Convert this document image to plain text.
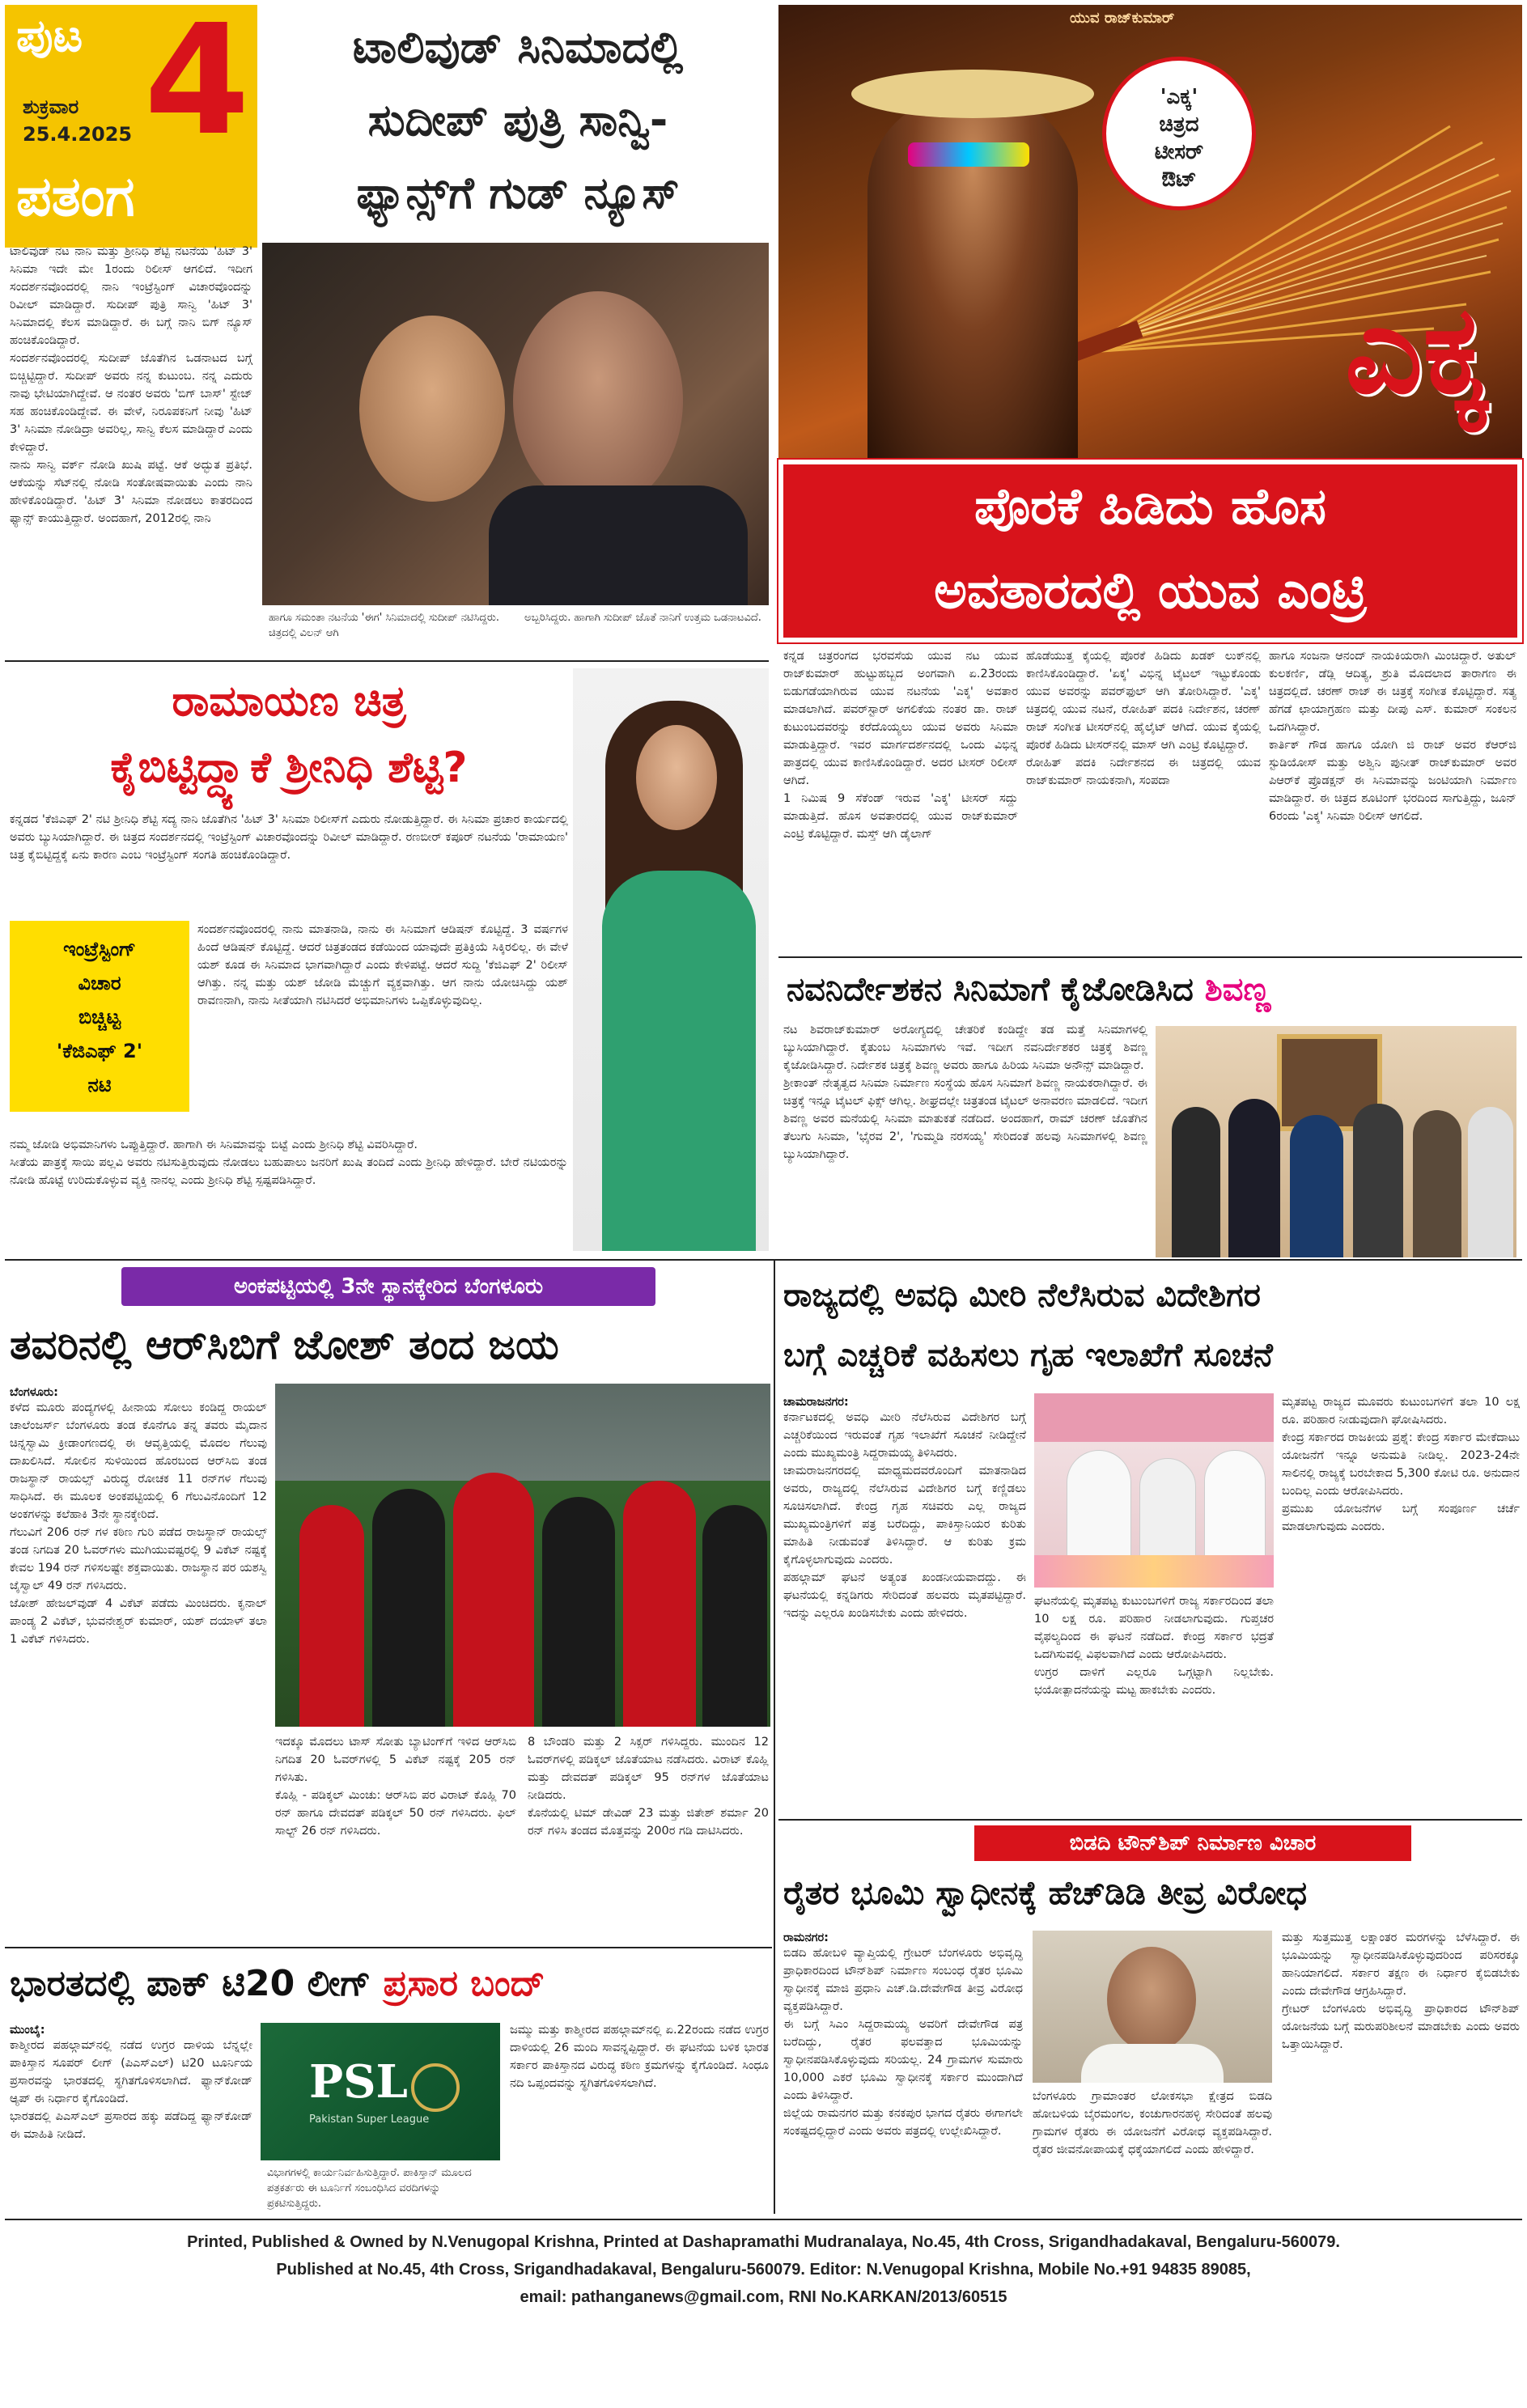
ಪುಟ
ಶುಕ್ರವಾರ
25.4.2025 4
ಪತಂಗ
ಟಾಲಿವುಡ್ ಸಿನಿಮಾದಲ್ಲಿ
ಸುದೀಪ್ ಪುತ್ರಿ ಸಾನ್ವಿ-
ಫ್ಯಾನ್ಸ್‌ಗೆ ಗುಡ್ ನ್ಯೂಸ್
ಯುವ ರಾಜ್‌ಕುಮಾರ್
'ಎಕ್ಕ'
ಚಿತ್ರದ
ಟೀಸರ್
ಔಟ್
ಎಕ್ಕ
ಪೊರಕೆ ಹಿಡಿದು ಹೊಸ
ಅವತಾರದಲ್ಲಿ ಯುವ ಎಂಟ್ರಿ
ಟಾಲಿವುಡ್ ನಟ ನಾನಿ ಮತ್ತು ಶ್ರೀನಿಧಿ ಶೆಟ್ಟಿ ನಟನೆಯ 'ಹಿಟ್ 3' ಸಿನಿಮಾ ಇದೇ ಮೇ 1ರಂದು ರಿಲೀಸ್ ಆಗಲಿದೆ. ಇದೀಗ ಸಂದರ್ಶನವೊಂದರಲ್ಲಿ ನಾನಿ ಇಂಟ್ರೆಸ್ಟಿಂಗ್ ವಿಚಾರವೊಂದನ್ನು ರಿವೀಲ್ ಮಾಡಿದ್ದಾರೆ. ಸುದೀಪ್ ಪುತ್ರಿ ಸಾನ್ವಿ 'ಹಿಟ್ 3' ಸಿನಿಮಾದಲ್ಲಿ ಕೆಲಸ ಮಾಡಿದ್ದಾರೆ. ಈ ಬಗ್ಗೆ ನಾನಿ ಬಿಗ್ ನ್ಯೂಸ್ ಹಂಚಿಕೊಂಡಿದ್ದಾರೆ.
ಸಂದರ್ಶನವೊಂದರಲ್ಲಿ ಸುದೀಪ್ ಜೊತೆಗಿನ ಒಡನಾಟದ ಬಗ್ಗೆ ಬಿಚ್ಚಿಟ್ಟಿದ್ದಾರೆ. ಸುದೀಪ್ ಅವರು ನನ್ನ ಕುಟುಂಬ. ನನ್ನ ಎದುರು ನಾವು ಭೇಟಿಯಾಗಿದ್ದೇವೆ. ಆ ನಂತರ ಅವರು 'ಬಿಗ್ ಬಾಸ್' ಸ್ಟೇಜ್ ಸಹ ಹಂಚಿಕೊಂಡಿದ್ದೇವೆ. ಈ ವೇಳೆ, ನಿರೂಪಕನಿಗೆ ನೀವು 'ಹಿಟ್ 3' ಸಿನಿಮಾ ನೋಡಿದ್ರಾ ಅವರಿಲ್ಲ, ಸಾನ್ವಿ ಕೆಲಸ ಮಾಡಿದ್ದಾರೆ ಎಂದು ಕೇಳಿದ್ದಾರೆ.
ನಾನು ಸಾನ್ವಿ ವರ್ಕ್ ನೋಡಿ ಖುಷಿ ಪಟ್ಟೆ. ಆಕೆ ಅದ್ಭುತ ಪ್ರತಿಭೆ. ಆಕೆಯನ್ನು ಸೆಟ್‌ನಲ್ಲಿ ನೋಡಿ ಸಂತೋಷವಾಯಿತು ಎಂದು ನಾನಿ ಹೇಳಿಕೊಂಡಿದ್ದಾರೆ. 'ಹಿಟ್ 3' ಸಿನಿಮಾ ನೋಡಲು ಕಾತರದಿಂದ ಫ್ಯಾನ್ಸ್ ಕಾಯುತ್ತಿದ್ದಾರೆ. ಅಂದಹಾಗೆ, 2012ರಲ್ಲಿ ನಾನಿ
ಹಾಗೂ ಸಮಂತಾ ನಟನೆಯ 'ಈಗ' ಸಿನಿಮಾದಲ್ಲಿ ಸುದೀಪ್ ನಟಿಸಿದ್ದರು. ಚಿತ್ರದಲ್ಲಿ ವಿಲನ್ ಆಗಿ
ಅಬ್ಬರಿಸಿದ್ದರು. ಹಾಗಾಗಿ ಸುದೀಪ್ ಜೊತೆ ನಾನಿಗೆ ಉತ್ತಮ ಒಡನಾಟವಿದೆ.
ಕನ್ನಡ ಚಿತ್ರರಂಗದ ಭರವಸೆಯ ಯುವ ನಟ ಯುವ ರಾಜ್‌ಕುಮಾರ್ ಹುಟ್ಟುಹಬ್ಬದ ಅಂಗವಾಗಿ ಏ.23ರಂದು ಬಿಡುಗಡೆಯಾಗಿರುವ ಯುವ ನಟನೆಯ 'ಎಕ್ಕ' ಅವತಾರ ಮಾಡಲಾಗಿದೆ. ಪವರ್‌ಸ್ಟಾರ್ ಅಗಲಿಕೆಯ ನಂತರ ಡಾ. ರಾಜ್ ಕುಟುಂಬದವರನ್ನು ಕರೆದೊಯ್ಯಲು ಯುವ ಅವರು ಸಿನಿಮಾ ಮಾಡುತ್ತಿದ್ದಾರೆ. ಇವರ ಮಾರ್ಗದರ್ಶನದಲ್ಲಿ ಒಂದು ವಿಭಿನ್ನ ಪಾತ್ರದಲ್ಲಿ ಯುವ ಕಾಣಿಸಿಕೊಂಡಿದ್ದಾರೆ. ಅದರ ಟೀಸರ್ ರಿಲೀಸ್ ಆಗಿದೆ.
1 ನಿಮಿಷ 9 ಸೆಕೆಂಡ್ ಇರುವ 'ಎಕ್ಕ' ಟೀಸರ್ ಸದ್ದು ಮಾಡುತ್ತಿದೆ. ಹೊಸ ಅವತಾರದಲ್ಲಿ ಯುವ ರಾಜ್‌ಕುಮಾರ್ ಎಂಟ್ರಿ ಕೊಟ್ಟಿದ್ದಾರೆ. ಮಸ್ತ್ ಆಗಿ ಡೈಲಾಗ್
ಹೊಡೆಯುತ್ತ ಕೈಯಲ್ಲಿ ಪೊರಕೆ ಹಿಡಿದು ಖಡಕ್ ಲುಕ್‌ನಲ್ಲಿ ಕಾಣಿಸಿಕೊಂಡಿದ್ದಾರೆ. 'ಏಕ್ಕ' ವಿಭಿನ್ನ ಟೈಟಲ್ ಇಟ್ಟುಕೊಂಡು ಯುವ ಅವರನ್ನು ಪವರ್‌ಫುಲ್ ಆಗಿ ತೋರಿಸಿದ್ದಾರೆ. 'ಎಕ್ಕ' ಚಿತ್ರದಲ್ಲಿ ಯುವ ನಟನೆ, ರೋಹಿತ್ ಪದಕಿ ನಿರ್ದೇಶನ, ಚರಣ್ ರಾಜ್ ಸಂಗೀತ ಟೀಸರ್‌ನಲ್ಲಿ ಹೈಲೈಟ್ ಆಗಿದೆ. ಯುವ ಕೈಯಲ್ಲಿ ಪೊರಕೆ ಹಿಡಿದು ಟೀಸರ್‌ನಲ್ಲಿ ಮಾಸ್ ಆಗಿ ಎಂಟ್ರಿ ಕೊಟ್ಟಿದ್ದಾರೆ.
ರೋಹಿತ್ ಪದಕಿ ನಿರ್ದೇಶನದ ಈ ಚಿತ್ರದಲ್ಲಿ ಯುವ ರಾಜ್‌ಕುಮಾರ್ ನಾಯಕನಾಗಿ, ಸಂಪದಾ
ಹಾಗೂ ಸಂಜನಾ ಆನಂದ್ ನಾಯಕಿಯರಾಗಿ ಮಿಂಚಿದ್ದಾರೆ. ಅತುಲ್ ಕುಲಕರ್ಣಿ, ಡೆಡ್ಲಿ ಆದಿತ್ಯ, ಶ್ರುತಿ ಮೊದಲಾದ ತಾರಾಗಣ ಈ ಚಿತ್ರದಲ್ಲಿದೆ. ಚರಣ್ ರಾಜ್ ಈ ಚಿತ್ರಕ್ಕೆ ಸಂಗೀತ ಕೊಟ್ಟಿದ್ದಾರೆ. ಸತ್ಯ ಹೆಗಡೆ ಛಾಯಾಗ್ರಹಣ ಮತ್ತು ದೀಪು ಎಸ್. ಕುಮಾರ್ ಸಂಕಲನ ಒದಗಿಸಿದ್ದಾರೆ.
ಕಾರ್ತಿಕ್ ಗೌಡ ಹಾಗೂ ಯೋಗಿ ಜಿ ರಾಜ್ ಅವರ ಕೆಆರ್‌ಜಿ ಸ್ಟುಡಿಯೋಸ್ ಮತ್ತು ಅಶ್ವಿನಿ ಪುನೀತ್ ರಾಜ್‌ಕುಮಾರ್ ಅವರ ಪಿಆರ್‌ಕೆ ಪ್ರೊಡಕ್ಷನ್ ಈ ಸಿನಿಮಾವನ್ನು ಜಂಟಿಯಾಗಿ ನಿರ್ಮಾಣ ಮಾಡಿದ್ದಾರೆ. ಈ ಚಿತ್ರದ ಶೂಟಿಂಗ್ ಭರದಿಂದ ಸಾಗುತ್ತಿದ್ದು, ಜೂನ್ 6ರಂದು 'ಎಕ್ಕ' ಸಿನಿಮಾ ರಿಲೀಸ್ ಆಗಲಿದೆ.
ರಾಮಾಯಣ ಚಿತ್ರ
ಕೈಬಿಟ್ಟಿದ್ದ್ಯಾಕೆ ಶ್ರೀನಿಧಿ ಶೆಟ್ಟಿ?
ಕನ್ನಡದ 'ಕೆಜಿಎಫ್ 2' ನಟಿ ಶ್ರೀನಿಧಿ ಶೆಟ್ಟಿ ಸದ್ಯ ನಾನಿ ಜೊತೆಗಿನ 'ಹಿಟ್ 3' ಸಿನಿಮಾ ರಿಲೀಸ್‌ಗೆ ಎದುರು ನೋಡುತ್ತಿದ್ದಾರೆ. ಈ ಸಿನಿಮಾ ಪ್ರಚಾರ ಕಾರ್ಯದಲ್ಲಿ ಅವರು ಬ್ಯುಸಿಯಾಗಿದ್ದಾರೆ. ಈ ಚಿತ್ರದ ಸಂದರ್ಶನದಲ್ಲಿ ಇಂಟ್ರೆಸ್ಟಿಂಗ್ ವಿಚಾರವೊಂದನ್ನು ರಿವೀಲ್ ಮಾಡಿದ್ದಾರೆ. ರಣಬೀರ್ ಕಪೂರ್ ನಟನೆಯ 'ರಾಮಾಯಣ' ಚಿತ್ರ ಕೈಬಿಟ್ಟಿದ್ದಕ್ಕೆ ಏನು ಕಾರಣ ಎಂಬ ಇಂಟ್ರೆಸ್ಟಿಂಗ್ ಸಂಗತಿ ಹಂಚಿಕೊಂಡಿದ್ದಾರೆ.
ಇಂಟ್ರೆಸ್ಟಿಂಗ್
ವಿಚಾರ
ಬಿಚ್ಚಿಟ್ಟ
'ಕೆಜಿಎಫ್ 2'
ನಟಿ
ಸಂದರ್ಶನವೊಂದರಲ್ಲಿ ನಾನು ಮಾತನಾಡಿ, ನಾನು ಈ ಸಿನಿಮಾಗೆ ಆಡಿಷನ್ ಕೊಟ್ಟಿದ್ದೆ. 3 ವರ್ಷಗಳ ಹಿಂದೆ ಆಡಿಷನ್ ಕೊಟ್ಟಿದ್ದೆ. ಆದರೆ ಚಿತ್ರತಂಡದ ಕಡೆಯಿಂದ ಯಾವುದೇ ಪ್ರತಿಕ್ರಿಯೆ ಸಿಕ್ಕಿರಲಿಲ್ಲ. ಈ ವೇಳೆ ಯಶ್ ಕೂಡ ಈ ಸಿನಿಮಾದ ಭಾಗವಾಗಿದ್ದಾರೆ ಎಂದು ಕೇಳಿಪಟ್ಟೆ. ಆದರೆ ಸುದ್ದಿ 'ಕೆಜಿಎಫ್ 2' ರಿಲೀಸ್ ಆಗಿತ್ತು. ನನ್ನ ಮತ್ತು ಯಶ್ ಜೋಡಿ ಮೆಚ್ಚುಗೆ ವ್ಯಕ್ತವಾಗಿತ್ತು. ಆಗ ನಾನು ಯೋಚಿಸಿದ್ದು ಯಶ್ ರಾವಣನಾಗಿ, ನಾನು ಸೀತೆಯಾಗಿ ನಟಿಸಿದರೆ ಅಭಿಮಾನಿಗಳು ಒಪ್ಪಿಕೊಳ್ಳುವುದಿಲ್ಲ.
ನಮ್ಮ ಜೋಡಿ ಅಭಿಮಾನಿಗಳು ಒಪ್ಪುತ್ತಿದ್ದಾರೆ. ಹಾಗಾಗಿ ಈ ಸಿನಿಮಾವನ್ನು ಬಿಟ್ಟೆ ಎಂದು ಶ್ರೀನಿಧಿ ಶೆಟ್ಟಿ ವಿವರಿಸಿದ್ದಾರೆ.
ಸೀತೆಯ ಪಾತ್ರಕ್ಕೆ ಸಾಯಿ ಪಲ್ಲವಿ ಅವರು ನಟಿಸುತ್ತಿರುವುದು ನೋಡಲು ಬಹುಪಾಲು ಜನರಿಗೆ ಖುಷಿ ತಂದಿದೆ ಎಂದು ಶ್ರೀನಿಧಿ ಹೇಳಿದ್ದಾರೆ. ಬೇರೆ ನಟಿಯರನ್ನು ನೋಡಿ ಹೊಟ್ಟೆ ಉರಿದುಕೊಳ್ಳುವ ವ್ಯಕ್ತಿ ನಾನಲ್ಲ ಎಂದು ಶ್ರೀನಿಧಿ ಶೆಟ್ಟಿ ಸ್ಪಷ್ಟಪಡಿಸಿದ್ದಾರೆ.
ನವನಿರ್ದೇಶಕನ ಸಿನಿಮಾಗೆ ಕೈಜೋಡಿಸಿದ ಶಿವಣ್ಣ
ನಟ ಶಿವರಾಜ್‌ಕುಮಾರ್ ಅರೋಗ್ಯದಲ್ಲಿ ಚೇತರಿಕೆ ಕಂಡಿದ್ದೇ ತಡ ಮತ್ತೆ ಸಿನಿಮಾಗಳಲ್ಲಿ ಬ್ಯುಸಿಯಾಗಿದ್ದಾರೆ. ಕೈತುಂಬ ಸಿನಿಮಾಗಳು ಇವೆ. ಇದೀಗ ನವನಿರ್ದೇಶಕರ ಚಿತ್ರಕ್ಕೆ ಶಿವಣ್ಣ ಕೈಜೋಡಿಸಿದ್ದಾರೆ. ನಿರ್ದೇಶಕ ಚಿತ್ರಕ್ಕೆ ಶಿವಣ್ಣ ಅವರು ಹಾಗೂ ಹಿರಿಯ ಸಿನಿಮಾ ಅನೌನ್ಸ್ ಮಾಡಿದ್ದಾರೆ.
ಶ್ರೀಕಾಂತ್ ನೇತೃತ್ವದ ಸಿನಿಮಾ ನಿರ್ಮಾಣ ಸಂಸ್ಥೆಯ ಹೊಸ ಸಿನಿಮಾಗೆ ಶಿವಣ್ಣ ನಾಯಕರಾಗಿದ್ದಾರೆ. ಈ ಚಿತ್ರಕ್ಕೆ ಇನ್ನೂ ಟೈಟಲ್ ಫಿಕ್ಸ್ ಆಗಿಲ್ಲ. ಶೀಘ್ರದಲ್ಲೇ ಚಿತ್ರತಂಡ ಟೈಟಲ್ ಅನಾವರಣ ಮಾಡಲಿದೆ. ಇದೀಗ ಶಿವಣ್ಣ ಅವರ ಮನೆಯಲ್ಲಿ ಸಿನಿಮಾ ಮಾತುಕತೆ ನಡೆದಿದೆ. ಅಂದಹಾಗೆ, ರಾಮ್ ಚರಣ್ ಜೊತೆಗಿನ ತೆಲುಗು ಸಿನಿಮಾ, 'ಭೈರವ 2', 'ಗುಮ್ಮಡಿ ನರಸಯ್ಯ' ಸೇರಿದಂತೆ ಹಲವು ಸಿನಿಮಾಗಳಲ್ಲಿ ಶಿವಣ್ಣ ಬ್ಯುಸಿಯಾಗಿದ್ದಾರೆ.
ಅಂಕಪಟ್ಟಿಯಲ್ಲಿ 3ನೇ ಸ್ಥಾನಕ್ಕೇರಿದ ಬೆಂಗಳೂರು
ತವರಿನಲ್ಲಿ ಆರ್‌ಸಿಬಿಗೆ ಜೋಶ್ ತಂದ ಜಯ
ಬೆಂಗಳೂರು:
ಕಳೆದ ಮೂರು ಪಂದ್ಯಗಳಲ್ಲಿ ಹೀನಾಯ ಸೋಲು ಕಂಡಿದ್ದ ರಾಯಲ್ ಚಾಲೆಂಜರ್ಸ್ ಬೆಂಗಳೂರು ತಂಡ ಕೊನೆಗೂ ತನ್ನ ತವರು ಮೈದಾನ ಚಿನ್ನಸ್ವಾಮಿ ಕ್ರೀಡಾಂಗಣದಲ್ಲಿ ಈ ಆವೃತ್ತಿಯಲ್ಲಿ ಮೊದಲ ಗೆಲುವು ದಾಖಲಿಸಿದೆ. ಸೋಲಿನ ಸುಳಿಯಿಂದ ಹೊರಬಂದ ಆರ್‌ಸಿಬಿ ತಂಡ ರಾಜಸ್ಥಾನ್ ರಾಯಲ್ಸ್ ವಿರುದ್ಧ ರೋಚಕ 11 ರನ್‌ಗಳ ಗೆಲುವು ಸಾಧಿಸಿದೆ. ಈ ಮೂಲಕ ಅಂಕಪಟ್ಟಿಯಲ್ಲಿ 6 ಗೆಲುವಿನೊಂದಿಗೆ 12 ಅಂಕಗಳನ್ನು ಕಲೆಹಾಕಿ 3ನೇ ಸ್ಥಾನಕ್ಕೇರಿದೆ.
ಗೆಲುವಿಗೆ 206 ರನ್ ಗಳ ಕಠಿಣ ಗುರಿ ಪಡೆದ ರಾಜಸ್ಥಾನ್ ರಾಯಲ್ಸ್ ತಂಡ ನಿಗದಿತ 20 ಓವರ್‌ಗಳು ಮುಗಿಯುವಷ್ಟರಲ್ಲಿ 9 ವಿಕೆಟ್ ನಷ್ಟಕ್ಕೆ ಕೇವಲ 194 ರನ್ ಗಳಿಸಲಷ್ಟೇ ಶಕ್ತವಾಯಿತು. ರಾಜಸ್ಥಾನ ಪರ ಯಶಸ್ವಿ ಜೈಸ್ವಾಲ್ 49 ರನ್ ಗಳಿಸಿದರು.
ಜೋಶ್ ಹೇಜಲ್‌ವುಡ್ 4 ವಿಕೆಟ್ ಪಡೆದು ಮಿಂಚಿದರು. ಕೃನಾಲ್ ಪಾಂಡ್ಯ 2 ವಿಕೆಟ್, ಭುವನೇಶ್ವರ್ ಕುಮಾರ್, ಯಶ್ ದಯಾಳ್ ತಲಾ 1 ವಿಕೆಟ್ ಗಳಿಸಿದರು.
ಇದಕ್ಕೂ ಮೊದಲು ಟಾಸ್ ಸೋತು ಬ್ಯಾಟಿಂಗ್‌ಗೆ ಇಳಿದ ಆರ್‌ಸಿಬಿ ನಿಗದಿತ 20 ಓವರ್‌ಗಳಲ್ಲಿ 5 ವಿಕೆಟ್ ನಷ್ಟಕ್ಕೆ 205 ರನ್ ಗಳಿಸಿತು.
ಕೊಹ್ಲಿ - ಪಡಿಕ್ಕಲ್ ಮಿಂಚು: ಆರ್‌ಸಿಬಿ ಪರ ವಿರಾಟ್ ಕೊಹ್ಲಿ 70 ರನ್ ಹಾಗೂ ದೇವದತ್ ಪಡಿಕ್ಕಲ್ 50 ರನ್ ಗಳಿಸಿದರು. ಫಿಲ್ ಸಾಲ್ಟ್ 26 ರನ್ ಗಳಿಸಿದರು.
8 ಬೌಂಡರಿ ಮತ್ತು 2 ಸಿಕ್ಸರ್ ಗಳಿಸಿದ್ದರು. ಮುಂದಿನ 12 ಓವರ್‌ಗಳಲ್ಲಿ ಪಡಿಕ್ಕಲ್ ಜೊತೆಯಾಟ ನಡೆಸಿದರು. ವಿರಾಟ್ ಕೊಹ್ಲಿ ಮತ್ತು ದೇವದತ್ ಪಡಿಕ್ಕಲ್ 95 ರನ್‌ಗಳ ಜೊತೆಯಾಟ ನೀಡಿದರು.
ಕೊನೆಯಲ್ಲಿ ಟಿಮ್ ಡೇವಿಡ್ 23 ಮತ್ತು ಜಿತೇಶ್ ಶರ್ಮಾ 20 ರನ್ ಗಳಿಸಿ ತಂಡದ ಮೊತ್ತವನ್ನು 200ರ ಗಡಿ ದಾಟಿಸಿದರು.
ರಾಜ್ಯದಲ್ಲಿ ಅವಧಿ ಮೀರಿ ನೆಲೆಸಿರುವ ವಿದೇಶಿಗರ
ಬಗ್ಗೆ ಎಚ್ಚರಿಕೆ ವಹಿಸಲು ಗೃಹ ಇಲಾಖೆಗೆ ಸೂಚನೆ
ಚಾಮರಾಜನಗರ:
ಕರ್ನಾಟಕದಲ್ಲಿ ಅವಧಿ ಮೀರಿ ನೆಲೆಸಿರುವ ವಿದೇಶಿಗರ ಬಗ್ಗೆ ಎಚ್ಚರಿಕೆಯಿಂದ ಇರುವಂತೆ ಗೃಹ ಇಲಾಖೆಗೆ ಸೂಚನೆ ನೀಡಿದ್ದೇನೆ ಎಂದು ಮುಖ್ಯಮಂತ್ರಿ ಸಿದ್ದರಾಮಯ್ಯ ತಿಳಿಸಿದರು.
ಚಾಮರಾಜನಗರದಲ್ಲಿ ಮಾಧ್ಯಮದವರೊಂದಿಗೆ ಮಾತನಾಡಿದ ಅವರು, ರಾಜ್ಯದಲ್ಲಿ ನೆಲೆಸಿರುವ ವಿದೇಶಿಗರ ಬಗ್ಗೆ ಕಣ್ಣಿಡಲು ಸೂಚಿಸಲಾಗಿದೆ. ಕೇಂದ್ರ ಗೃಹ ಸಚಿವರು ಎಲ್ಲ ರಾಜ್ಯದ ಮುಖ್ಯಮಂತ್ರಿಗಳಿಗೆ ಪತ್ರ ಬರೆದಿದ್ದು, ಪಾಕಿಸ್ತಾನಿಯರ ಕುರಿತು ಮಾಹಿತಿ ನೀಡುವಂತೆ ತಿಳಿಸಿದ್ದಾರೆ. ಆ ಕುರಿತು ಕ್ರಮ ಕೈಗೊಳ್ಳಲಾಗುವುದು ಎಂದರು.
ಪಹಲ್ಗಾಮ್ ಘಟನೆ ಅತ್ಯಂತ ಖಂಡನೀಯವಾದದ್ದು. ಈ ಘಟನೆಯಲ್ಲಿ ಕನ್ನಡಿಗರು ಸೇರಿದಂತೆ ಹಲವರು ಮೃತಪಟ್ಟಿದ್ದಾರೆ. ಇದನ್ನು ಎಲ್ಲರೂ ಖಂಡಿಸಬೇಕು ಎಂದು ಹೇಳಿದರು.
ಘಟನೆಯಲ್ಲಿ ಮೃತಪಟ್ಟ ಕುಟುಂಬಗಳಿಗೆ ರಾಜ್ಯ ಸರ್ಕಾರದಿಂದ ತಲಾ 10 ಲಕ್ಷ ರೂ. ಪರಿಹಾರ ನೀಡಲಾಗುವುದು. ಗುಪ್ತಚರ ವೈಫಲ್ಯದಿಂದ ಈ ಘಟನೆ ನಡೆದಿದೆ. ಕೇಂದ್ರ ಸರ್ಕಾರ ಭದ್ರತೆ ಒದಗಿಸುವಲ್ಲಿ ವಿಫಲವಾಗಿದೆ ಎಂದು ಆರೋಪಿಸಿದರು.
ಉಗ್ರರ ದಾಳಿಗೆ ಎಲ್ಲರೂ ಒಗ್ಗಟ್ಟಾಗಿ ನಿಲ್ಲಬೇಕು. ಭಯೋತ್ಪಾದನೆಯನ್ನು ಮಟ್ಟ ಹಾಕಬೇಕು ಎಂದರು.
ಮೃತಪಟ್ಟ ರಾಜ್ಯದ ಮೂವರು ಕುಟುಂಬಗಳಿಗೆ ತಲಾ 10 ಲಕ್ಷ ರೂ. ಪರಿಹಾರ ನೀಡುವುದಾಗಿ ಘೋಷಿಸಿದರು.
ಕೇಂದ್ರ ಸರ್ಕಾರದ ರಾಜಕೀಯ ಪ್ರಶ್ನೆ: ಕೇಂದ್ರ ಸರ್ಕಾರ ಮೇಕೆದಾಟು ಯೋಜನೆಗೆ ಇನ್ನೂ ಅನುಮತಿ ನೀಡಿಲ್ಲ. 2023-24ನೇ ಸಾಲಿನಲ್ಲಿ ರಾಜ್ಯಕ್ಕೆ ಬರಬೇಕಾದ 5,300 ಕೋಟಿ ರೂ. ಅನುದಾನ ಬಂದಿಲ್ಲ ಎಂದು ಆರೋಪಿಸಿದರು.
ಪ್ರಮುಖ ಯೋಜನೆಗಳ ಬಗ್ಗೆ ಸಂಪೂರ್ಣ ಚರ್ಚೆ ಮಾಡಲಾಗುವುದು ಎಂದರು.
ಭಾರತದಲ್ಲಿ ಪಾಕ್ ಟಿ20 ಲೀಗ್ ಪ್ರಸಾರ ಬಂದ್
ಮುಂಬೈ:
ಕಾಶ್ಮೀರದ ಪಹಲ್ಗಾಮ್‌ನಲ್ಲಿ ನಡೆದ ಉಗ್ರರ ದಾಳಿಯ ಬೆನ್ನಲ್ಲೇ ಪಾಕಿಸ್ತಾನ ಸೂಪರ್ ಲೀಗ್ (ಪಿಎಸ್‌ಎಲ್) ಟಿ20 ಟೂರ್ನಿಯ ಪ್ರಸಾರವನ್ನು ಭಾರತದಲ್ಲಿ ಸ್ಥಗಿತಗೊಳಿಸಲಾಗಿದೆ. ಫ್ಯಾನ್‌ಕೋಡ್ ಆ್ಯಪ್ ಈ ನಿರ್ಧಾರ ಕೈಗೊಂಡಿದೆ.
ಭಾರತದಲ್ಲಿ ಪಿಎಸ್‌ಎಲ್ ಪ್ರಸಾರದ ಹಕ್ಕು ಪಡೆದಿದ್ದ ಫ್ಯಾನ್‌ಕೋಡ್ ಈ ಮಾಹಿತಿ ನೀಡಿದೆ.
PSL
Pakistan Super League
ವಿಭಾಗಗಳಲ್ಲಿ ಕಾರ್ಯನಿರ್ವಹಿಸುತ್ತಿದ್ದಾರೆ. ಪಾಕಿಸ್ತಾನ್ ಮೂಲದ ಪತ್ರಕರ್ತರು ಈ ಟೂರ್ನಿಗೆ ಸಂಬಂಧಿಸಿದ ವರದಿಗಳನ್ನು ಪ್ರಕಟಿಸುತ್ತಿದ್ದರು.
ಜಮ್ಮು ಮತ್ತು ಕಾಶ್ಮೀರದ ಪಹಲ್ಗಾಮ್‌ನಲ್ಲಿ ಏ.22ರಂದು ನಡೆದ ಉಗ್ರರ ದಾಳಿಯಲ್ಲಿ 26 ಮಂದಿ ಸಾವನ್ನಪ್ಪಿದ್ದಾರೆ. ಈ ಘಟನೆಯ ಬಳಿಕ ಭಾರತ ಸರ್ಕಾರ ಪಾಕಿಸ್ತಾನದ ವಿರುದ್ಧ ಕಠಿಣ ಕ್ರಮಗಳನ್ನು ಕೈಗೊಂಡಿದೆ. ಸಿಂಧೂ ನದಿ ಒಪ್ಪಂದವನ್ನು ಸ್ಥಗಿತಗೊಳಿಸಲಾಗಿದೆ.
ಬಿಡದಿ ಟೌನ್‌ಶಿಪ್ ನಿರ್ಮಾಣ ವಿಚಾರ
ರೈತರ ಭೂಮಿ ಸ್ವಾಧೀನಕ್ಕೆ ಹೆಚ್‌ಡಿಡಿ ತೀವ್ರ ವಿರೋಧ
ರಾಮನಗರ:
ಬಿಡದಿ ಹೋಬಳಿ ವ್ಯಾಪ್ತಿಯಲ್ಲಿ ಗ್ರೇಟರ್ ಬೆಂಗಳೂರು ಅಭಿವೃದ್ಧಿ ಪ್ರಾಧಿಕಾರದಿಂದ ಟೌನ್‌ಶಿಪ್ ನಿರ್ಮಾಣ ಸಂಬಂಧ ರೈತರ ಭೂಮಿ ಸ್ವಾಧೀನಕ್ಕೆ ಮಾಜಿ ಪ್ರಧಾನಿ ಎಚ್.ಡಿ.ದೇವೇಗೌಡ ತೀವ್ರ ವಿರೋಧ ವ್ಯಕ್ತಪಡಿಸಿದ್ದಾರೆ.
ಈ ಬಗ್ಗೆ ಸಿಎಂ ಸಿದ್ದರಾಮಯ್ಯ ಅವರಿಗೆ ದೇವೇಗೌಡ ಪತ್ರ ಬರೆದಿದ್ದು, ರೈತರ ಫಲವತ್ತಾದ ಭೂಮಿಯನ್ನು ಸ್ವಾಧೀನಪಡಿಸಿಕೊಳ್ಳುವುದು ಸರಿಯಲ್ಲ. 24 ಗ್ರಾಮಗಳ ಸುಮಾರು 10,000 ಎಕರೆ ಭೂಮಿ ಸ್ವಾಧೀನಕ್ಕೆ ಸರ್ಕಾರ ಮುಂದಾಗಿದೆ ಎಂದು ತಿಳಿಸಿದ್ದಾರೆ.
ಜಿಲ್ಲೆಯ ರಾಮನಗರ ಮತ್ತು ಕನಕಪುರ ಭಾಗದ ರೈತರು ಈಗಾಗಲೇ ಸಂಕಷ್ಟದಲ್ಲಿದ್ದಾರೆ ಎಂದು ಅವರು ಪತ್ರದಲ್ಲಿ ಉಲ್ಲೇಖಿಸಿದ್ದಾರೆ.
ಬೆಂಗಳೂರು ಗ್ರಾಮಾಂತರ ಲೋಕಸಭಾ ಕ್ಷೇತ್ರದ ಬಿಡದಿ ಹೋಬಳಿಯ ಬೈರಮಂಗಲ, ಕಂಚುಗಾರನಹಳ್ಳಿ ಸೇರಿದಂತೆ ಹಲವು ಗ್ರಾಮಗಳ ರೈತರು ಈ ಯೋಜನೆಗೆ ವಿರೋಧ ವ್ಯಕ್ತಪಡಿಸಿದ್ದಾರೆ. ರೈತರ ಜೀವನೋಪಾಯಕ್ಕೆ ಧಕ್ಕೆಯಾಗಲಿದೆ ಎಂದು ಹೇಳಿದ್ದಾರೆ.
ಮತ್ತು ಸುತ್ತಮುತ್ತ ಲಕ್ಷಾಂತರ ಮರಗಳನ್ನು ಬೆಳೆಸಿದ್ದಾರೆ. ಈ ಭೂಮಿಯನ್ನು ಸ್ವಾಧೀನಪಡಿಸಿಕೊಳ್ಳುವುದರಿಂದ ಪರಿಸರಕ್ಕೂ ಹಾನಿಯಾಗಲಿದೆ. ಸರ್ಕಾರ ತಕ್ಷಣ ಈ ನಿರ್ಧಾರ ಕೈಬಿಡಬೇಕು ಎಂದು ದೇವೇಗೌಡ ಆಗ್ರಹಿಸಿದ್ದಾರೆ.
ಗ್ರೇಟರ್ ಬೆಂಗಳೂರು ಅಭಿವೃದ್ಧಿ ಪ್ರಾಧಿಕಾರದ ಟೌನ್‌ಶಿಪ್ ಯೋಜನೆಯ ಬಗ್ಗೆ ಮರುಪರಿಶೀಲನೆ ಮಾಡಬೇಕು ಎಂದು ಅವರು ಒತ್ತಾಯಿಸಿದ್ದಾರೆ.
Printed, Published & Owned by N.Venugopal Krishna, Printed at Dashapramathi Mudranalaya, No.45, 4th Cross, Srigandhadakaval, Bengaluru-560079.
Published at No.45, 4th Cross, Srigandhadakaval, Bengaluru-560079. Editor: N.Venugopal Krishna, Mobile No.+91 94835 89085,
email: pathanganews@gmail.com, RNI No.KARKAN/2013/60515
